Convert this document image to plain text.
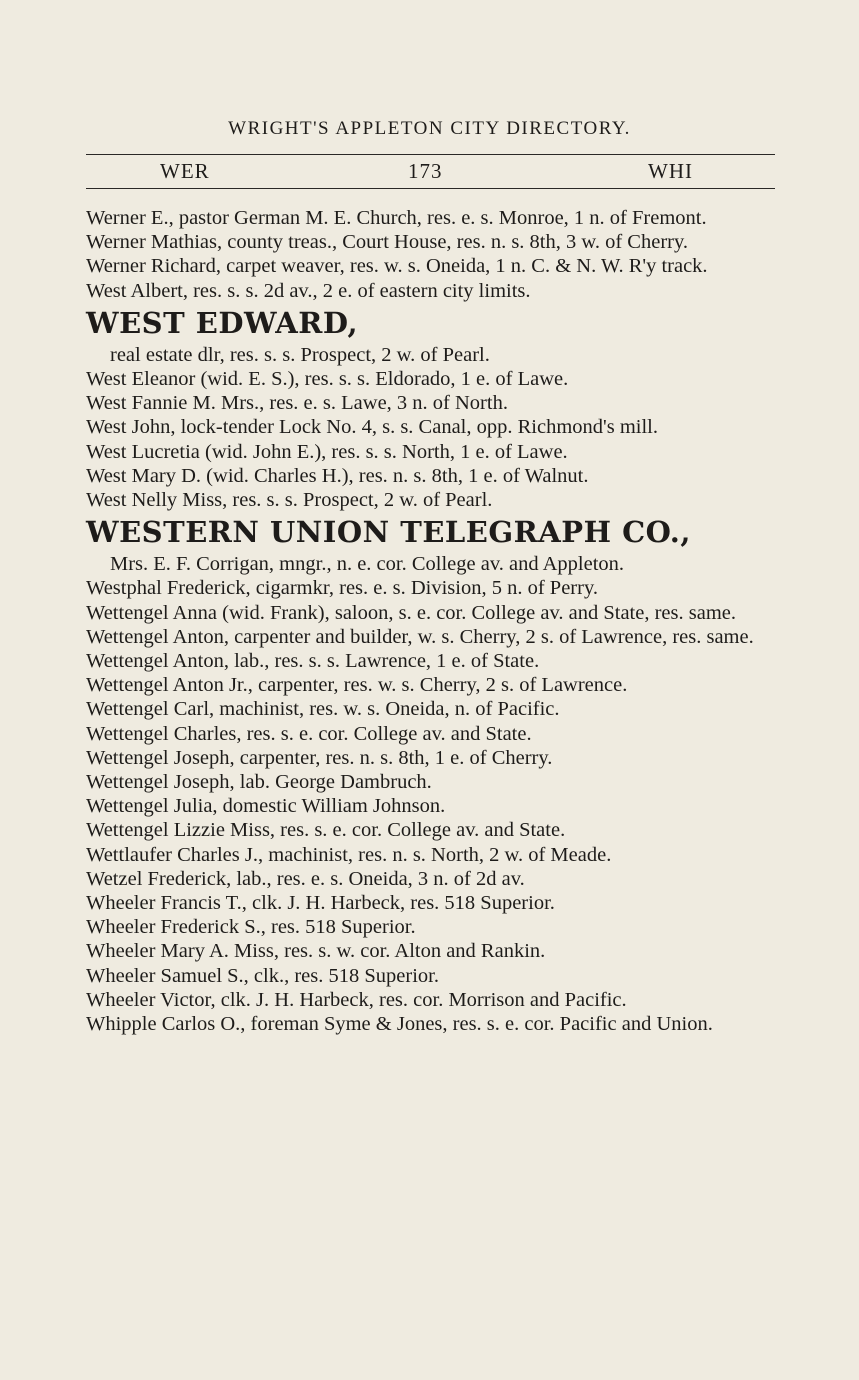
WRIGHT'S APPLETON CITY DIRECTORY.
WER	173	WHI
Werner E., pastor German M. E. Church, res. e. s. Monroe, 1 n. of Fremont.
Werner Mathias, county treas., Court House, res. n. s. 8th, 3 w. of Cherry.
Werner Richard, carpet weaver, res. w. s. Oneida, 1 n. C. & N. W. R'y track.
West Albert, res. s. s. 2d av., 2 e. of eastern city limits.
WEST EDWARD,
real estate dlr, res. s. s. Prospect, 2 w. of Pearl.
West Eleanor (wid. E. S.), res. s. s. Eldorado, 1 e. of Lawe.
West Fannie M. Mrs., res. e. s. Lawe, 3 n. of North.
West John, lock-tender Lock No. 4, s. s. Canal, opp. Richmond's mill.
West Lucretia (wid. John E.), res. s. s. North, 1 e. of Lawe.
West Mary D. (wid. Charles H.), res. n. s. 8th, 1 e. of Walnut.
West Nelly Miss, res. s. s. Prospect, 2 w. of Pearl.
WESTERN UNION TELEGRAPH CO.,
Mrs. E. F. Corrigan, mngr., n. e. cor. College av. and Appleton.
Westphal Frederick, cigarmkr, res. e. s. Division, 5 n. of Perry.
Wettengel Anna (wid. Frank), saloon, s. e. cor. College av. and State, res. same.
Wettengel Anton, carpenter and builder, w. s. Cherry, 2 s. of Lawrence, res. same.
Wettengel Anton, lab., res. s. s. Lawrence, 1 e. of State.
Wettengel Anton Jr., carpenter, res. w. s. Cherry, 2 s. of Lawrence.
Wettengel Carl, machinist, res. w. s. Oneida, n. of Pacific.
Wettengel Charles, res. s. e. cor. College av. and State.
Wettengel Joseph, carpenter, res. n. s. 8th, 1 e. of Cherry.
Wettengel Joseph, lab. George Dambruch.
Wettengel Julia, domestic William Johnson.
Wettengel Lizzie Miss, res. s. e. cor. College av. and State.
Wettlaufer Charles J., machinist, res. n. s. North, 2 w. of Meade.
Wetzel Frederick, lab., res. e. s. Oneida, 3 n. of 2d av.
Wheeler Francis T., clk. J. H. Harbeck, res. 518 Superior.
Wheeler Frederick S., res. 518 Superior.
Wheeler Mary A. Miss, res. s. w. cor. Alton and Rankin.
Wheeler Samuel S., clk., res. 518 Superior.
Wheeler Victor, clk. J. H. Harbeck, res. cor. Morrison and Pacific.
Whipple Carlos O., foreman Syme & Jones, res. s. e. cor. Pacific and Union.
